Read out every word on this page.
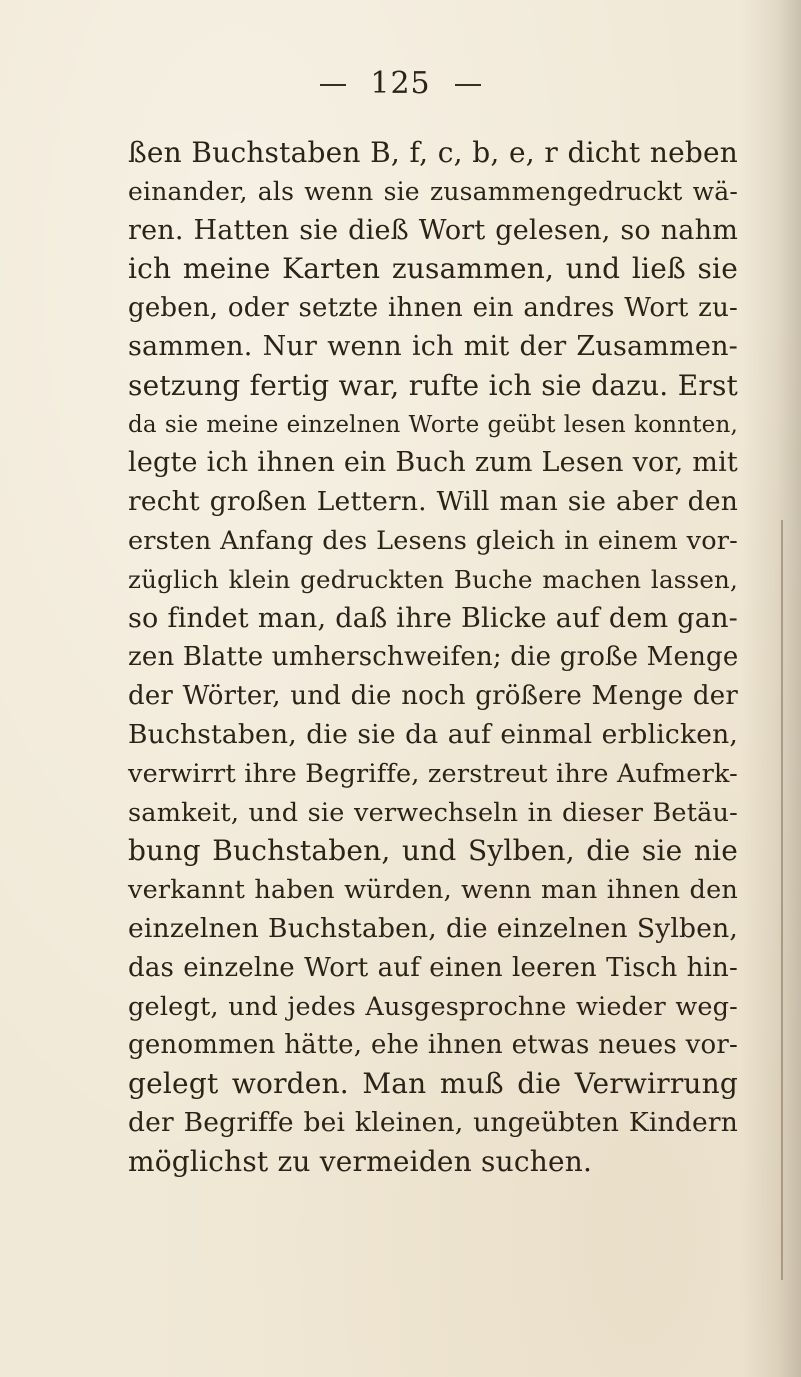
125
ßen Buchstaben B, f, c, b, e, r dicht neben
einander, als wenn sie zusammengedruckt wä-
ren. Hatten sie dieß Wort gelesen, so nahm
ich meine Karten zusammen, und ließ sie
geben, oder setzte ihnen ein andres Wort zu-
sammen. Nur wenn ich mit der Zusammen-
setzung fertig war, rufte ich sie dazu. Erst
da sie meine einzelnen Worte geübt lesen konnten,
legte ich ihnen ein Buch zum Lesen vor, mit
recht großen Lettern. Will man sie aber den
ersten Anfang des Lesens gleich in einem vor-
züglich klein gedruckten Buche machen lassen,
so findet man, daß ihre Blicke auf dem gan-
zen Blatte umherschweifen; die große Menge
der Wörter, und die noch größere Menge der
Buchstaben, die sie da auf einmal erblicken,
verwirrt ihre Begriffe, zerstreut ihre Aufmerk-
samkeit, und sie verwechseln in dieser Betäu-
bung Buchstaben, und Sylben, die sie nie
verkannt haben würden, wenn man ihnen den
einzelnen Buchstaben, die einzelnen Sylben,
das einzelne Wort auf einen leeren Tisch hin-
gelegt, und jedes Ausgesprochne wieder weg-
genommen hätte, ehe ihnen etwas neues vor-
gelegt worden. Man muß die Verwirrung
der Begriffe bei kleinen, ungeübten Kindern
möglichst zu vermeiden suchen.
